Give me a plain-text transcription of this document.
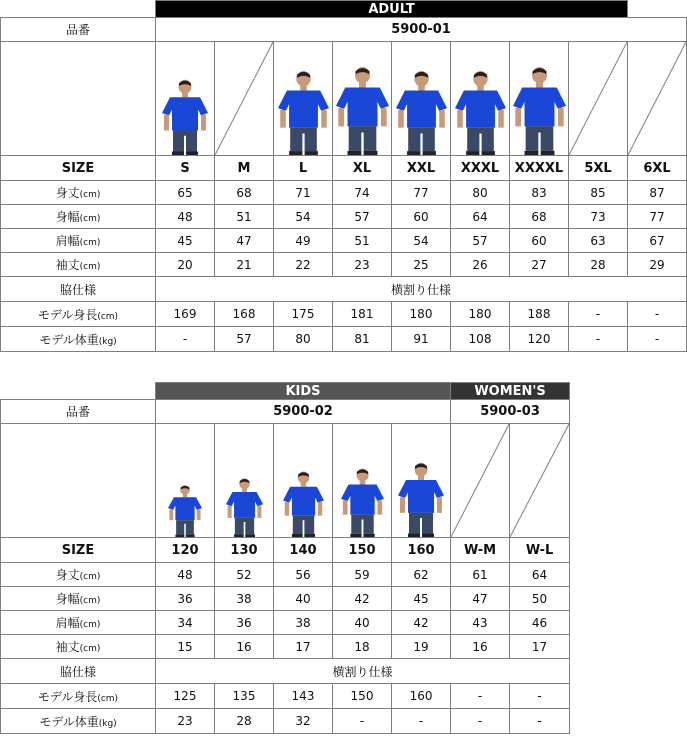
	ADULT								
品番	5900-01								

SIZE	S	M	L	XL	XXL	XXXL	XXXXL	5XL	6XL
身丈(cm)	65	68	71	74	77	80	83	85	87
身幅(cm)	48	51	54	57	60	64	68	73	77
肩幅(cm)	45	47	49	51	54	57	60	63	67
袖丈(cm)	20	21	22	23	25	26	27	28	29
脇仕様	横割り仕様								
モデル身長(cm)	169	168	175	181	180	180	188	-	-
モデル体重(kg)	-	57	80	81	91	108	120	-	-
	KIDS					WOMEN'S	
品番	5900-02					5900-03	

SIZE	120	130	140	150	160	W-M	W-L
身丈(cm)	48	52	56	59	62	61	64
身幅(cm)	36	38	40	42	45	47	50
肩幅(cm)	34	36	38	40	42	43	46
袖丈(cm)	15	16	17	18	19	16	17
脇仕様	横割り仕様						
モデル身長(cm)	125	135	143	150	160	-	-
モデル体重(kg)	23	28	32	-	-	-	-
